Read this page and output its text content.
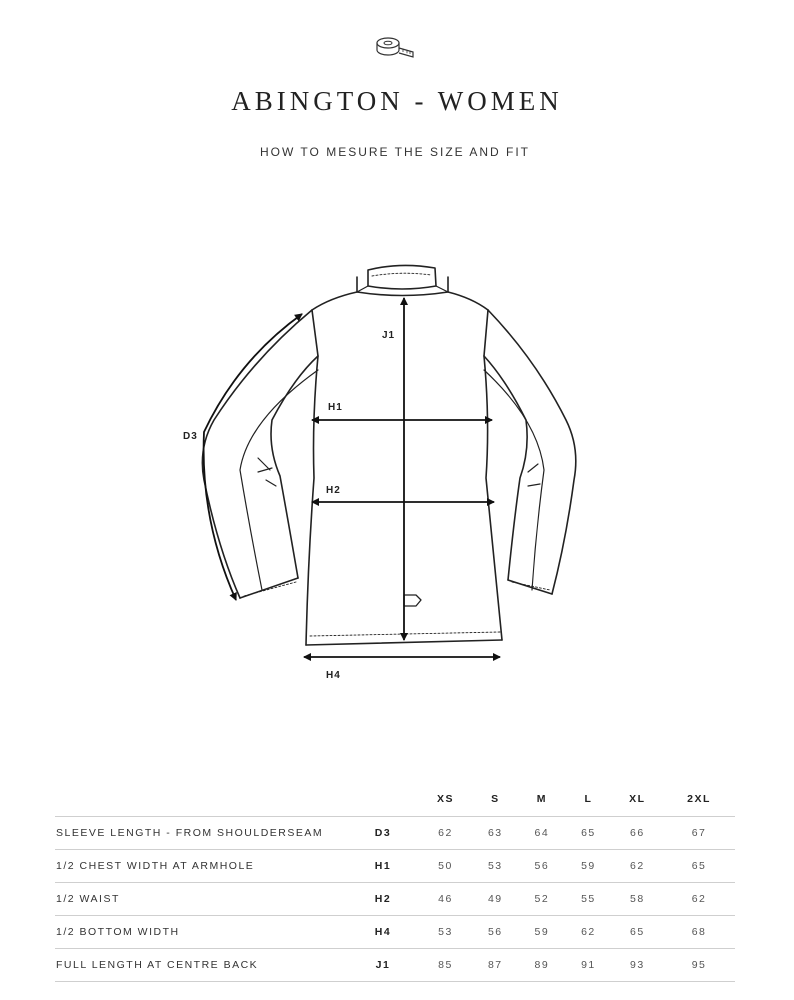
ABINGTON - WOMEN
HOW TO MESURE THE SIZE AND FIT
J1
H1
H2
D3
H4
		XS	S	M	L	XL	2XL
SLEEVE LENGTH - FROM SHOULDERSEAM	D3	62	63	64	65	66	67
1/2 CHEST WIDTH AT ARMHOLE	H1	50	53	56	59	62	65
1/2 WAIST	H2	46	49	52	55	58	62
1/2 BOTTOM WIDTH	H4	53	56	59	62	65	68
FULL LENGTH AT CENTRE BACK	J1	85	87	89	91	93	95
